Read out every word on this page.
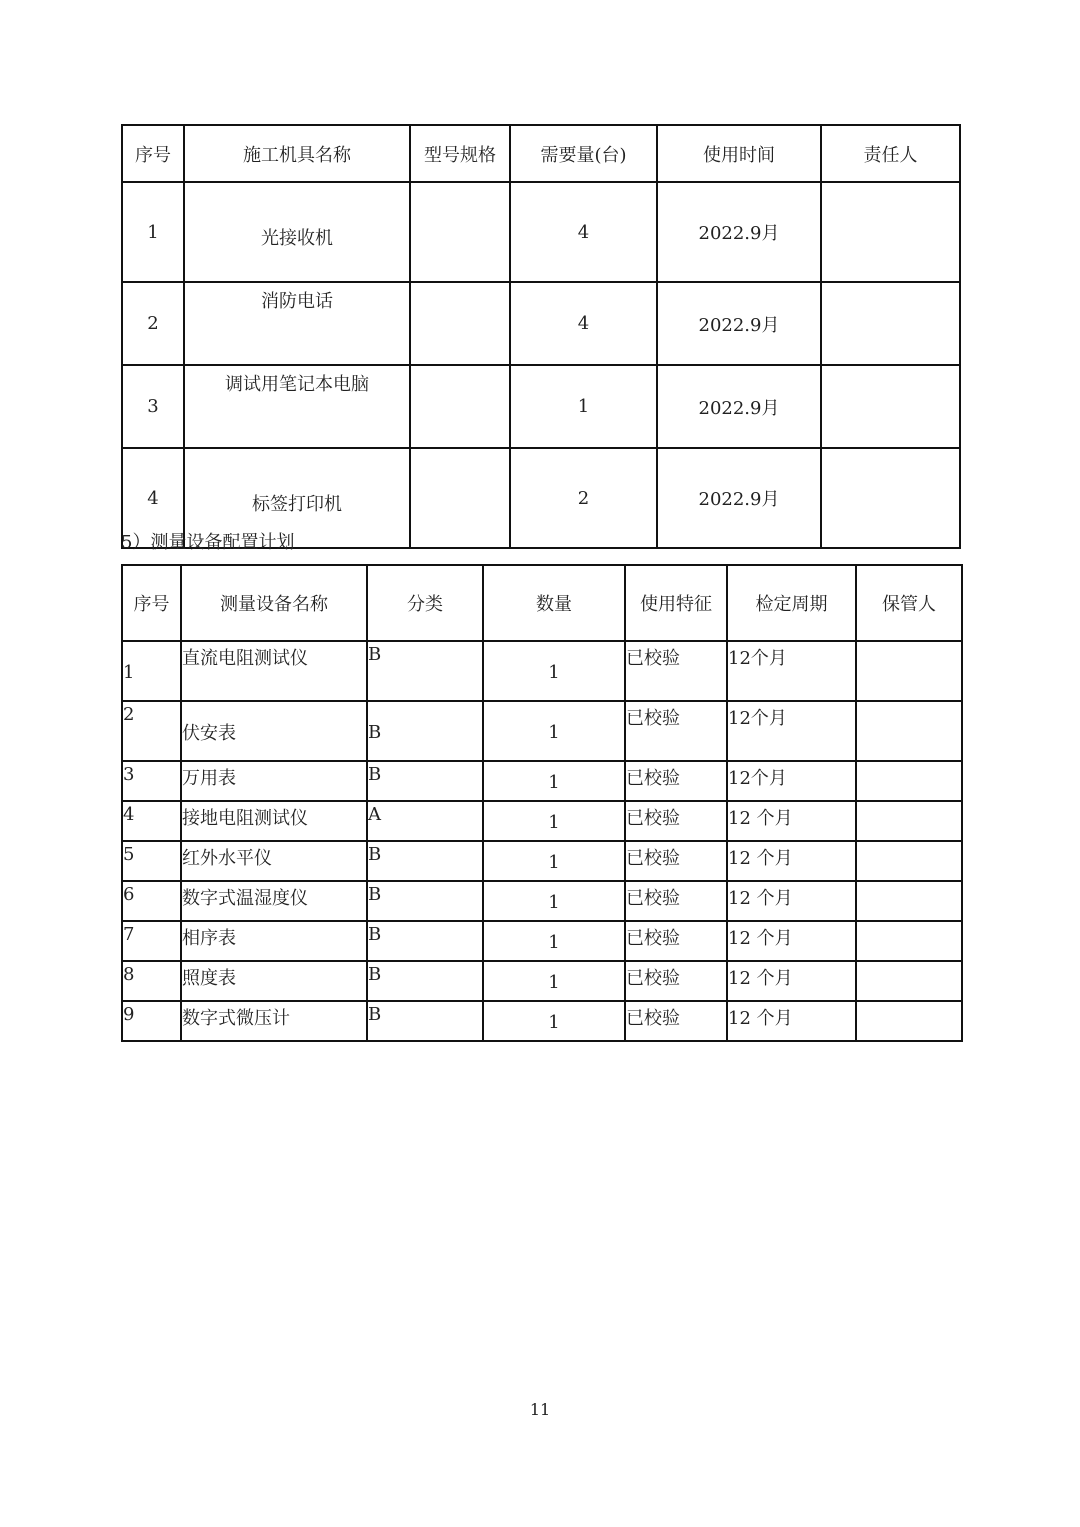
序号	施工机具名称	型号规格	需要量(台)	使用时间	责任人
1	光接收机		4	2022.9月	
2	消防电话		4	2022.9月	
3	调试用笔记本电脑		1	2022.9月	
4	标签打印机		2	2022.9月	
5）测量设备配置计划
序号	测量设备名称	分类	数量	使用特征	检定周期	保管人
1	直流电阻测试仪	B	1	已校验	12个月	
2	伏安表	B	1	已校验	12个月	
3	万用表	B	1	已校验	12个月	
4	接地电阻测试仪	A	1	已校验	12 个月	
5	红外水平仪	B	1	已校验	12 个月	
6	数字式温湿度仪	B	1	已校验	12 个月	
7	相序表	B	1	已校验	12 个月	
8	照度表	B	1	已校验	12 个月	
9	数字式微压计	B	1	已校验	12 个月	
11
